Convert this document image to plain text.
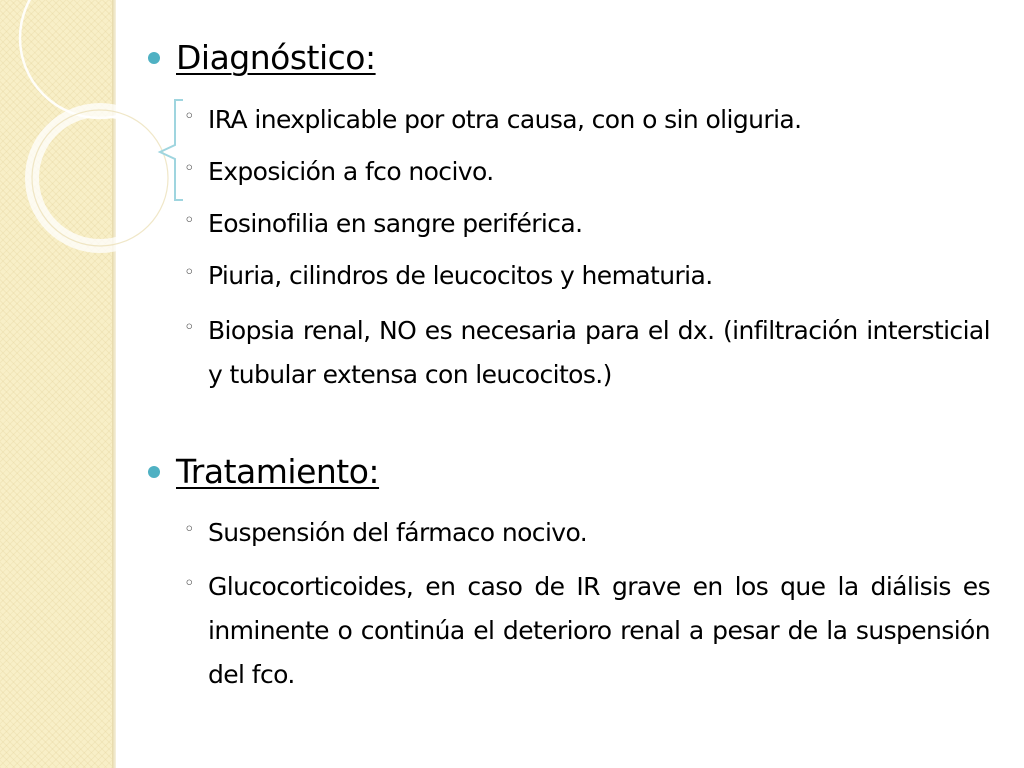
Diagnóstico:
◦ IRA inexplicable por otra causa, con o sin oliguria.
◦ Exposición a fco nocivo.
◦ Eosinofilia en sangre periférica.
◦ Piuria, cilindros de leucocitos y hematuria.
◦ Biopsia renal, NO es necesaria para el dx. (infiltración intersticial y tubular extensa con leucocitos.)
Tratamiento:
◦ Suspensión del fármaco nocivo.
◦ Glucocorticoides, en caso de IR grave en los que la diálisis es inminente o continúa el deterioro renal a pesar de la suspensión del fco.
